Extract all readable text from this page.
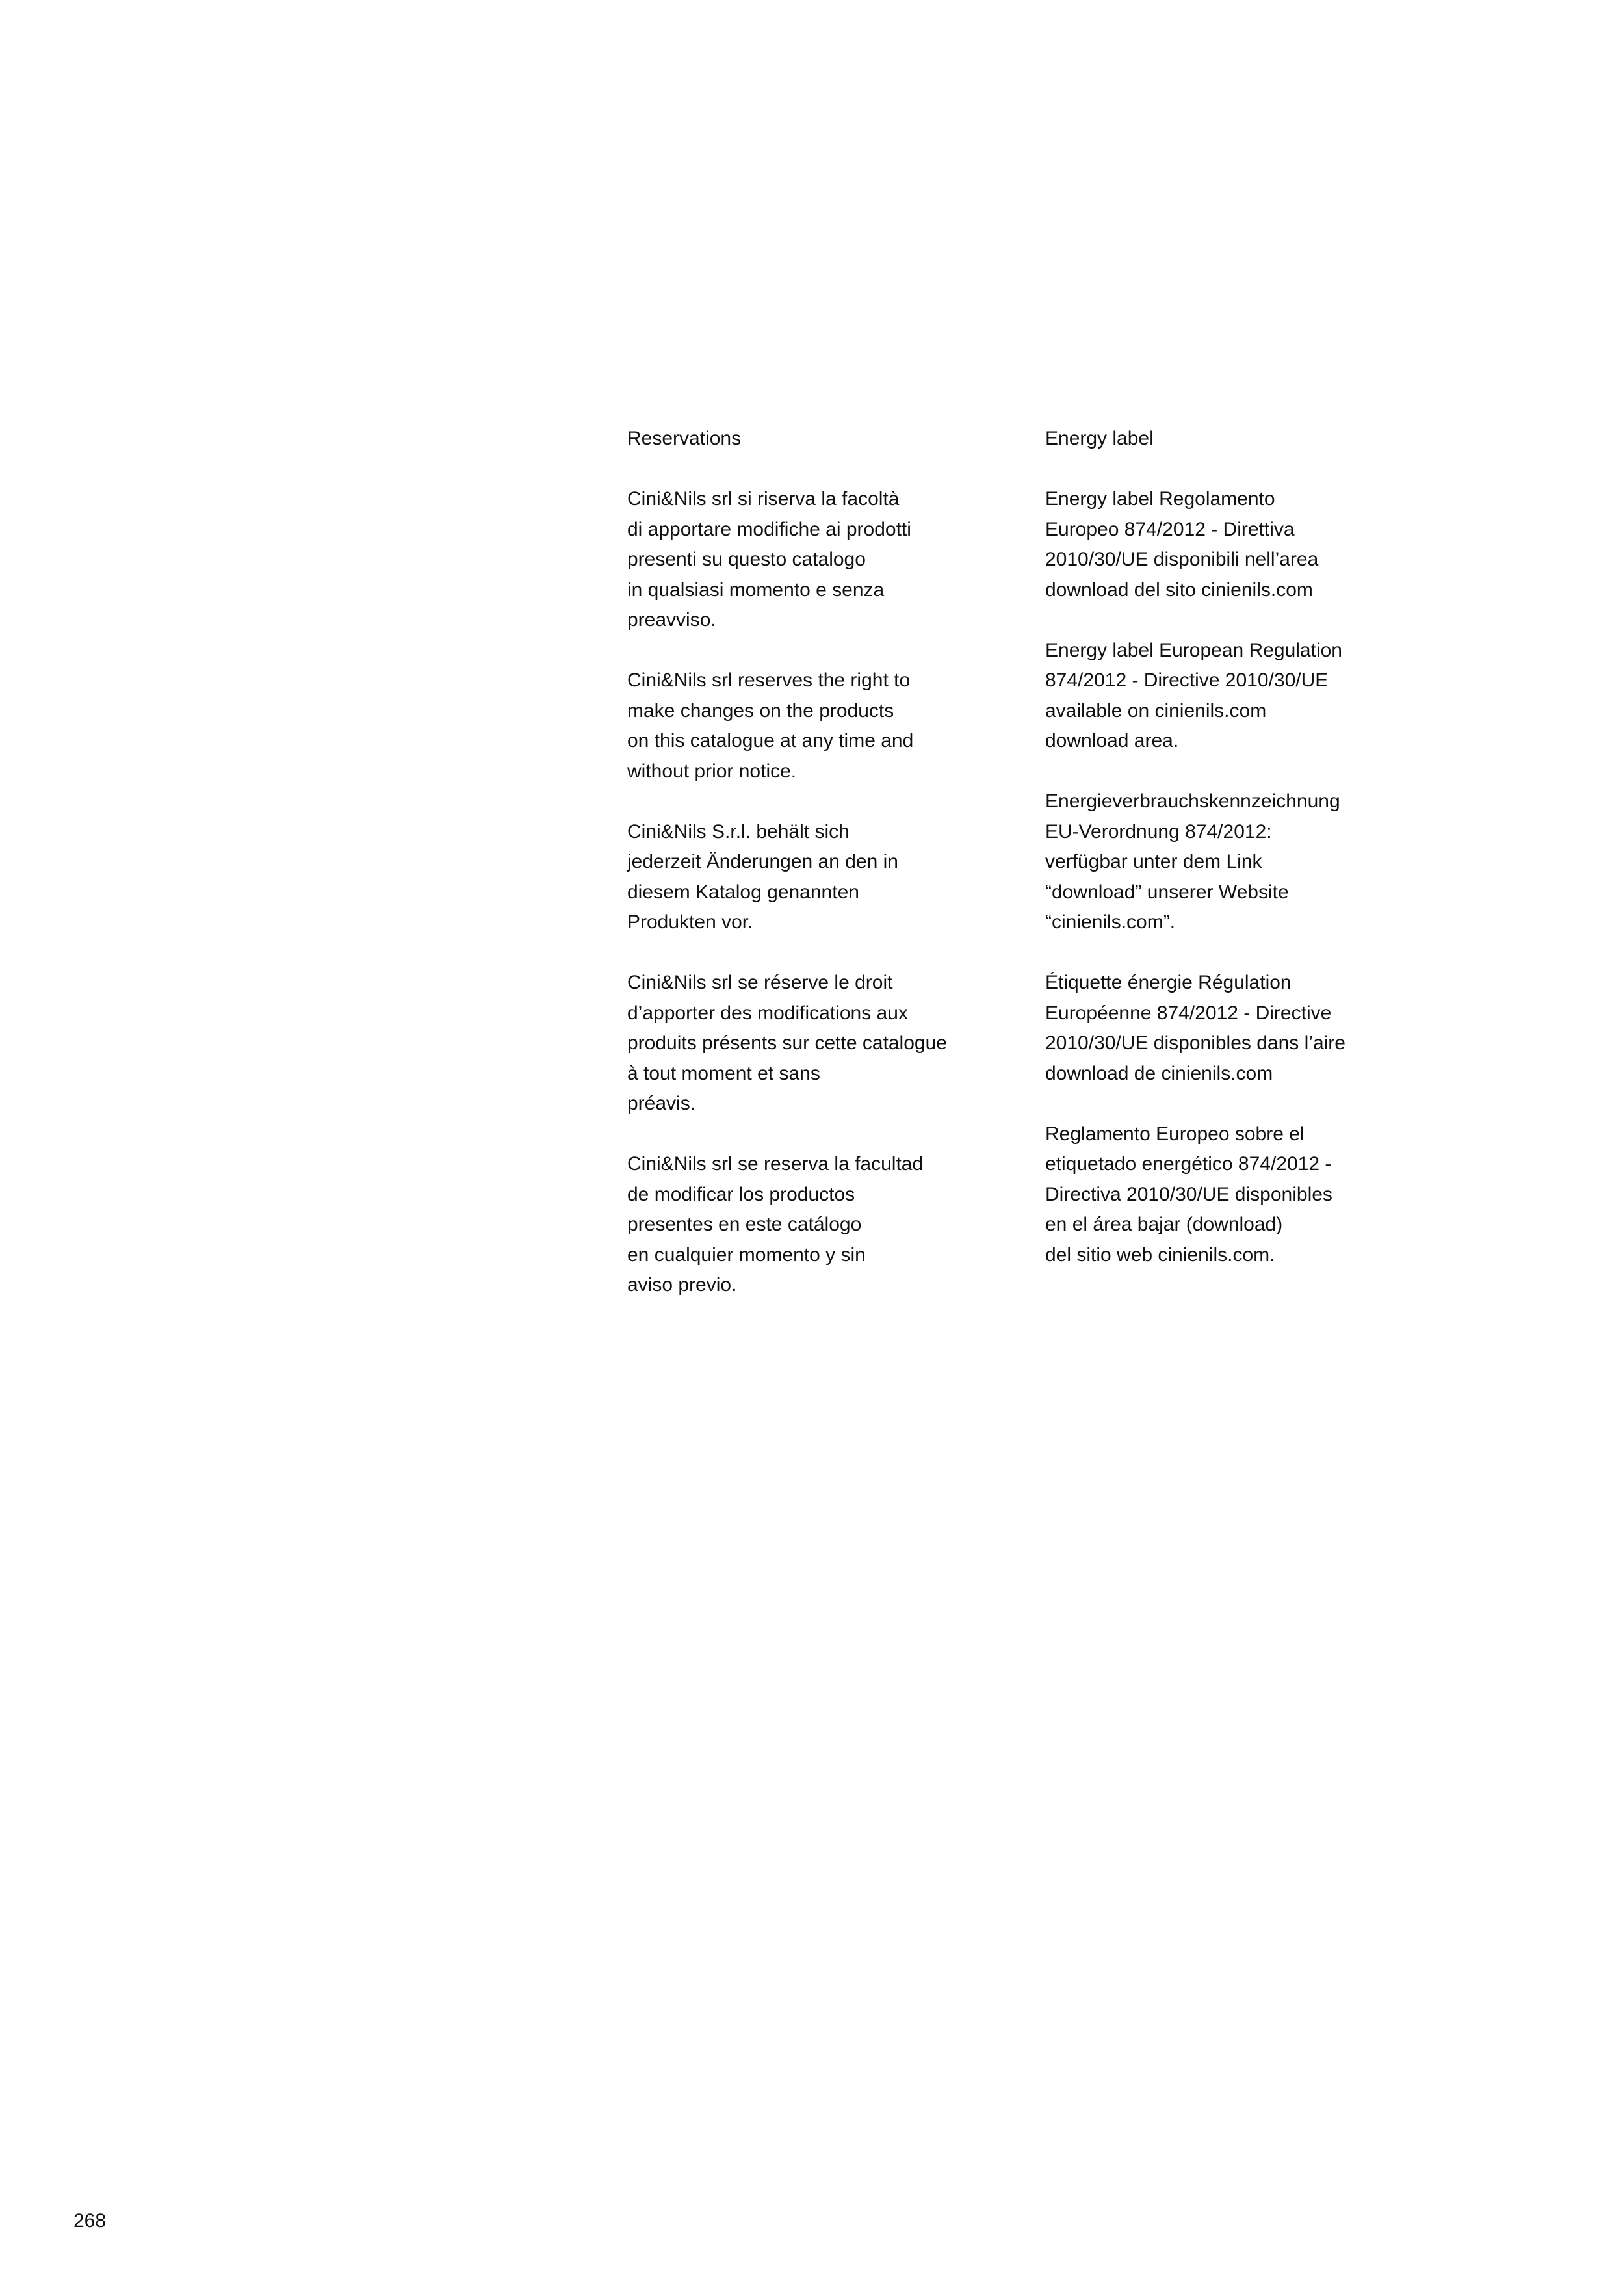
Reservations
Cini&Nils srl si riserva la facoltà
di apportare modifiche ai prodotti
presenti su questo catalogo
in qualsiasi momento e senza
preavviso.
Cini&Nils srl reserves the right to
make changes on the products
on this catalogue at any time and
without prior notice.
Cini&Nils S.r.l. behält sich
jederzeit Änderungen an den in
diesem Katalog genannten
Produkten vor.
Cini&Nils srl se réserve le droit
d’apporter des modifications aux
produits présents sur cette catalogue
à tout moment et sans
préavis.
Cini&Nils srl se reserva la facultad
de modificar los productos
presentes en este catálogo
en cualquier momento y sin
aviso previo.
Energy label
Energy label Regolamento
Europeo 874/2012 - Direttiva
2010/30/UE disponibili nell’area
download del sito cinienils.com
Energy label European Regulation
874/2012 - Directive 2010/30/UE
available on cinienils.com
download area.
Energieverbrauchskennzeichnung
EU-Verordnung 874/2012:
verfügbar unter dem Link
“download” unserer Website
“cinienils.com”.
Étiquette énergie Régulation
Européenne 874/2012 - Directive
2010/30/UE disponibles dans l’aire
download de cinienils.com
Reglamento Europeo sobre el
etiquetado energético 874/2012 -
Directiva 2010/30/UE disponibles
en el área bajar (download)
del sitio web cinienils.com.
268
